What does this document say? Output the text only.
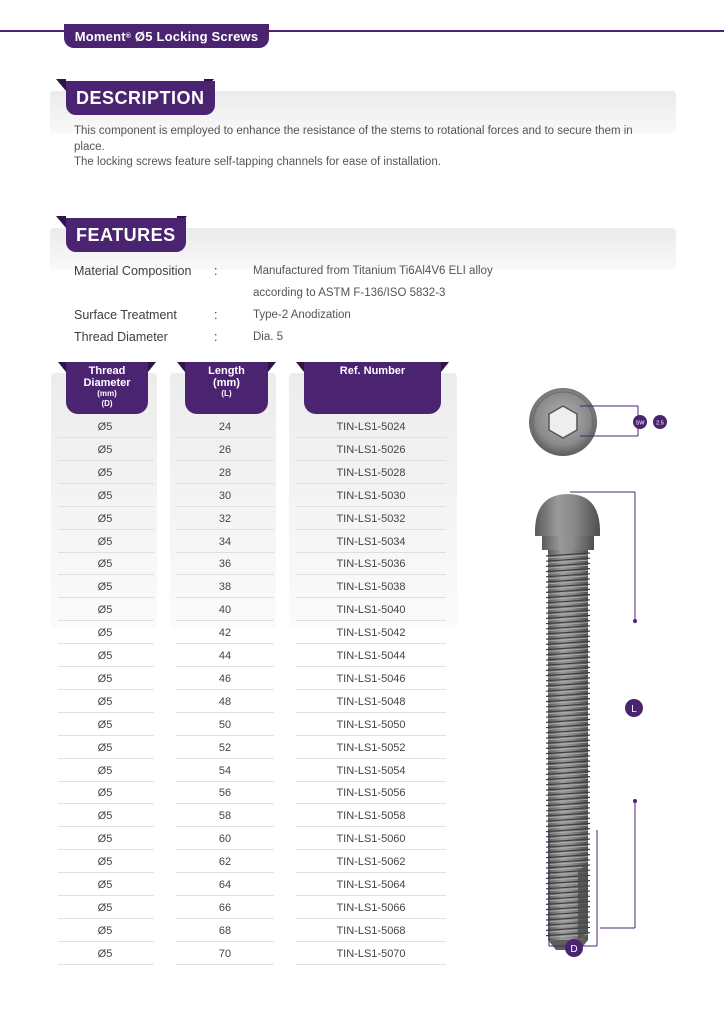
Moment ® Ø5 Locking Screws
DESCRIPTION
This component is employed to enhance the resistance of the stems to rotational forces and to secure them in place.
The locking screws feature self-tapping channels for ease of installation.
FEATURES
Material Composition :	Manufactured from Titanium Ti6Al4V6 ELI alloy
according to ASTM F-136/ISO 5832-3
Surface Treatment	:	Type-2 Anodization
Thread Diameter	:	Dia. 5
Thread Diameter
(mm)
(D)
Length (mm)
(L)
Ref. Number
Ø5	24	TIN-LS1-5024
Ø5	26	TIN-LS1-5026
Ø5	28	TIN-LS1-5028
Ø5	30	TIN-LS1-5030
Ø5	32	TIN-LS1-5032
Ø5	34	TIN-LS1-5034
Ø5	36	TIN-LS1-5036
Ø5	38	TIN-LS1-5038
Ø5	40	TIN-LS1-5040
Ø5	42	TIN-LS1-5042
Ø5	44	TIN-LS1-5044
Ø5	46	TIN-LS1-5046
Ø5	48	TIN-LS1-5048
Ø5	50	TIN-LS1-5050
Ø5	52	TIN-LS1-5052
Ø5	54	TIN-LS1-5054
Ø5	56	TIN-LS1-5056
Ø5	58	TIN-LS1-5058
Ø5	60	TIN-LS1-5060
Ø5	62	TIN-LS1-5062
Ø5	64	TIN-LS1-5064
Ø5	66	TIN-LS1-5066
Ø5	68	TIN-LS1-5068
Ø5	70	TIN-LS1-5070
SW 2.5
L
D
